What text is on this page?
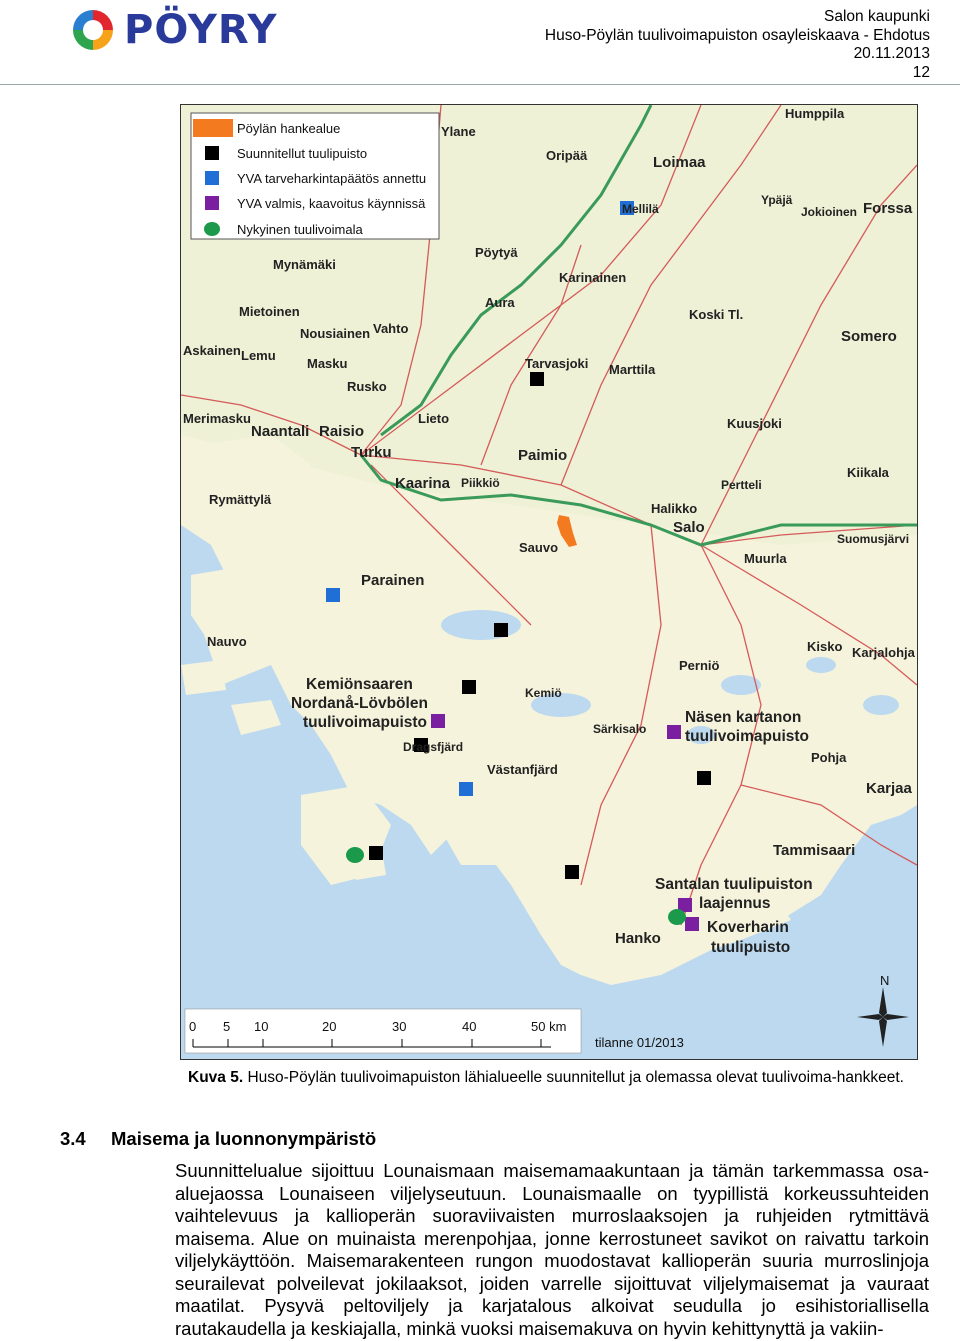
PÖYRY	Salon kaupunki
Huso-Pöylän tuulivoimapuiston osayleiskaava - Ehdotus
20.11.2013
12
Pöylän hankealue
Suunnitellut tuulipuisto
YVA tarveharkintapäätös annettu
YVA valmis, kaavoitus käynnissä
Nykyinen tuulivoimala
Ylane
Humppila
Oripää	Loimaa
Mellilä
Ypäjä
Jokioinen Forssa
Pöytyä
Mynämäki
Karinainen
Aura
Mietoinen	Koski Tl.
Nousiainen Vahto
Askainen Lemu
Masku
Somero
Tarvasjoki Marttila
Rusko
Merimasku	Lieto	Kuusjoki
Naantali Raisio
Turku	Paimio
Kiikala
Kaarina Piikkiö	Pertteli
Rymättylä
Halikko
Salo
Suomusjärvi
Sauvo
Muurla
Parainen
Nauvo	Kisko Karjalohja
Perniö
Kemiönsaaren
Nordanå-Lövbölen
tuulivoimapuisto
Kemiö
Näsen kartanon
tuulivoimapuisto
Särkisalo
Dragsfjärd
Pohja
Västanfjärd
Karjaa
Tammisaari
Santalan tuulipuiston
laajennus
Hanko
Koverharin
tuulipuisto
0 5 10	20	30	40	50 km
tilanne 01/2013
N
Kuva 5. Huso-Pöylän tuulivoimapuiston lähialueelle suunnitellut ja olemassa olevat tuulivoima-hankkeet.
3.4 Maisema ja luonnonympäristö
Suunnittelualue sijoittuu Lounaismaan maisemamaakuntaan ja tämän tarkemmassa osa-aluejaossa Lounaiseen viljelyseutuun. Lounaismaalle on tyypillistä korkeussuhteiden vaihtelevuus ja kallioperän suoraviivaisten murroslaaksojen ja ruhjeiden rytmittävä maisema. Alue on muinaista merenpohjaa, jonne kerrostuneet savikot on raivattu tarkoin viljelykäyttöön. Maisemarakenteen rungon muodostavat kallioperän suuria murroslinjoja seurailevat polveilevat jokilaaksot, joiden varrelle sijoittuvat viljelymaisemat ja vauraat maatilat. Pysyvä peltoviljely ja karjatalous alkoivat seudulla jo esihistoriallisella rautakaudella ja keskiajalla, minkä vuoksi maisemakuva on hyvin kehittynyttä ja vakiin-
